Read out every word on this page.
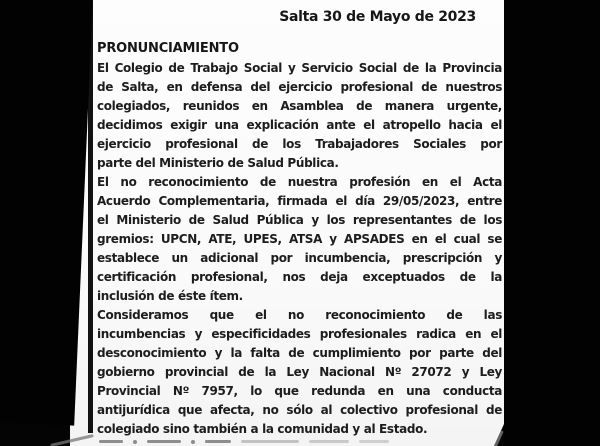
Salta 30 de Mayo de 2023
PRONUNCIAMIENTO
El Colegio de Trabajo Social y Servicio Social de la Provincia
de Salta, en defensa del ejercicio profesional de nuestros
colegiados, reunidos en Asamblea de manera urgente,
decidimos exigir una explicación ante el atropello hacia el
ejercicio profesional de los Trabajadores Sociales por
parte del Ministerio de Salud Pública.
El no reconocimiento de nuestra profesión en el Acta
Acuerdo Complementaria, firmada el día 29/05/2023, entre
el Ministerio de Salud Pública y los representantes de los
gremios: UPCN, ATE, UPES, ATSA y APSADES en el cual se
establece un adicional por incumbencia, prescripción y
certificación profesional, nos deja exceptuados de la
inclusión de éste ítem.
Consideramos que el no reconocimiento de las
incumbencias y especificidades profesionales radica en el
desconocimiento y la falta de cumplimiento por parte del
gobierno provincial de la Ley Nacional Nº 27072 y Ley
Provincial Nº 7957, lo que redunda en una conducta
antijurídica que afecta, no sólo al colectivo profesional de
colegiado sino también a la comunidad y al Estado.
